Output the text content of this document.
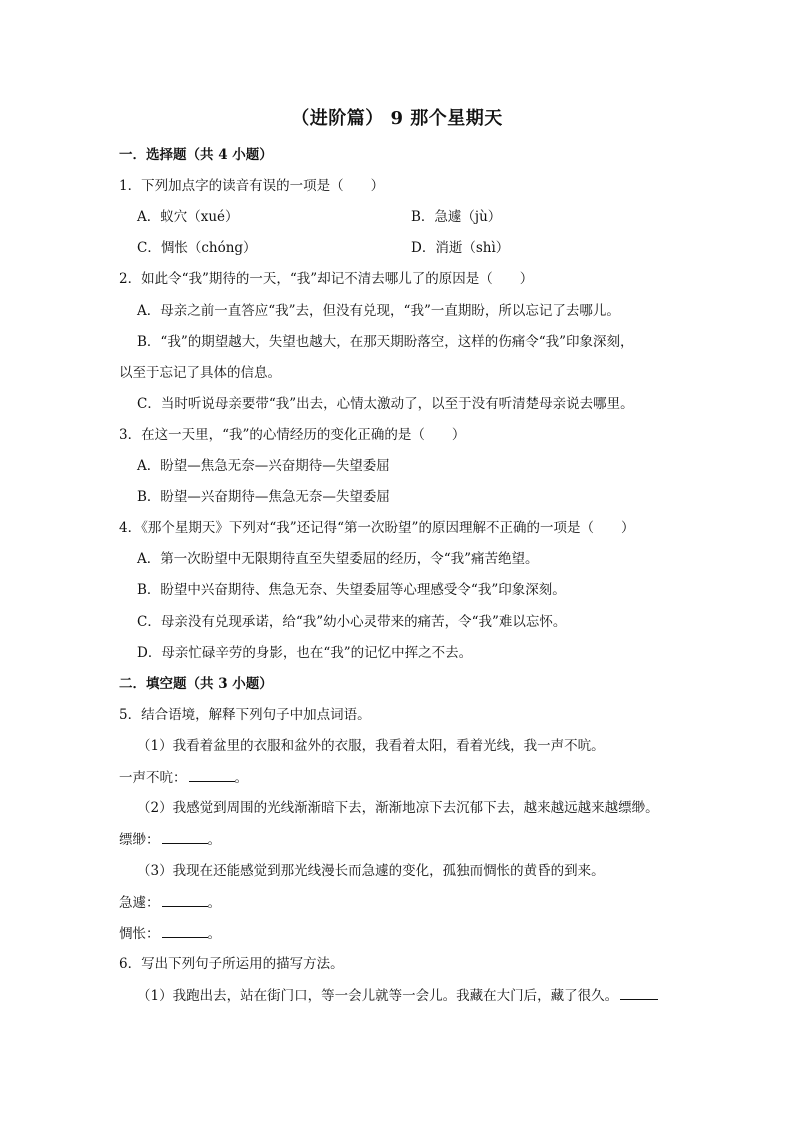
（进阶篇） 9 那个星期天
一．选择题（共 4 小题）
1．下列加点字的读音有误的一项是（　　）
A．蚁穴（xué）	B．急遽（jù）
C．惆怅（chóng）	D．消逝（shì）
2．如此令“我”期待的一天，“我”却记不清去哪儿了的原因是（　　）
A．母亲之前一直答应“我”去，但没有兑现，“我”一直期盼，所以忘记了去哪儿。
B．“我”的期望越大，失望也越大，在那天期盼落空，这样的伤痛令“我”印象深刻，
以至于忘记了具体的信息。
C．当时听说母亲要带“我”出去，心情太激动了，以至于没有听清楚母亲说去哪里。
3．在这一天里，“我”的心情经历的变化正确的是（　　）
A．盼望—焦急无奈—兴奋期待—失望委屈
B．盼望—兴奋期待—焦急无奈—失望委屈
4．《那个星期天》下列对“我”还记得“第一次盼望”的原因理解不正确的一项是（　　）
A．第一次盼望中无限期待直至失望委屈的经历，令“我”痛苦绝望。
B．盼望中兴奋期待、焦急无奈、失望委屈等心理感受令“我”印象深刻。
C．母亲没有兑现承诺，给“我”幼小心灵带来的痛苦，令“我”难以忘怀。
D．母亲忙碌辛劳的身影，也在“我”的记忆中挥之不去。
二．填空题（共 3 小题）
5．结合语境，解释下列句子中加点词语。
（1）我看着盆里的衣服和盆外的衣服，我看着太阳，看着光线，我一声不吭。
一声不吭：	。
（2）我感觉到周围的光线渐渐暗下去，渐渐地凉下去沉郁下去，越来越远越来越缥缈。
缥缈：	。
（3）我现在还能感觉到那光线漫长而急遽的变化，孤独而惆怅的黄昏的到来。
急遽：	。
惆怅：	。
6．写出下列句子所运用的描写方法。
（1）我跑出去，站在街门口，等一会儿就等一会儿。我藏在大门后，藏了很久。
